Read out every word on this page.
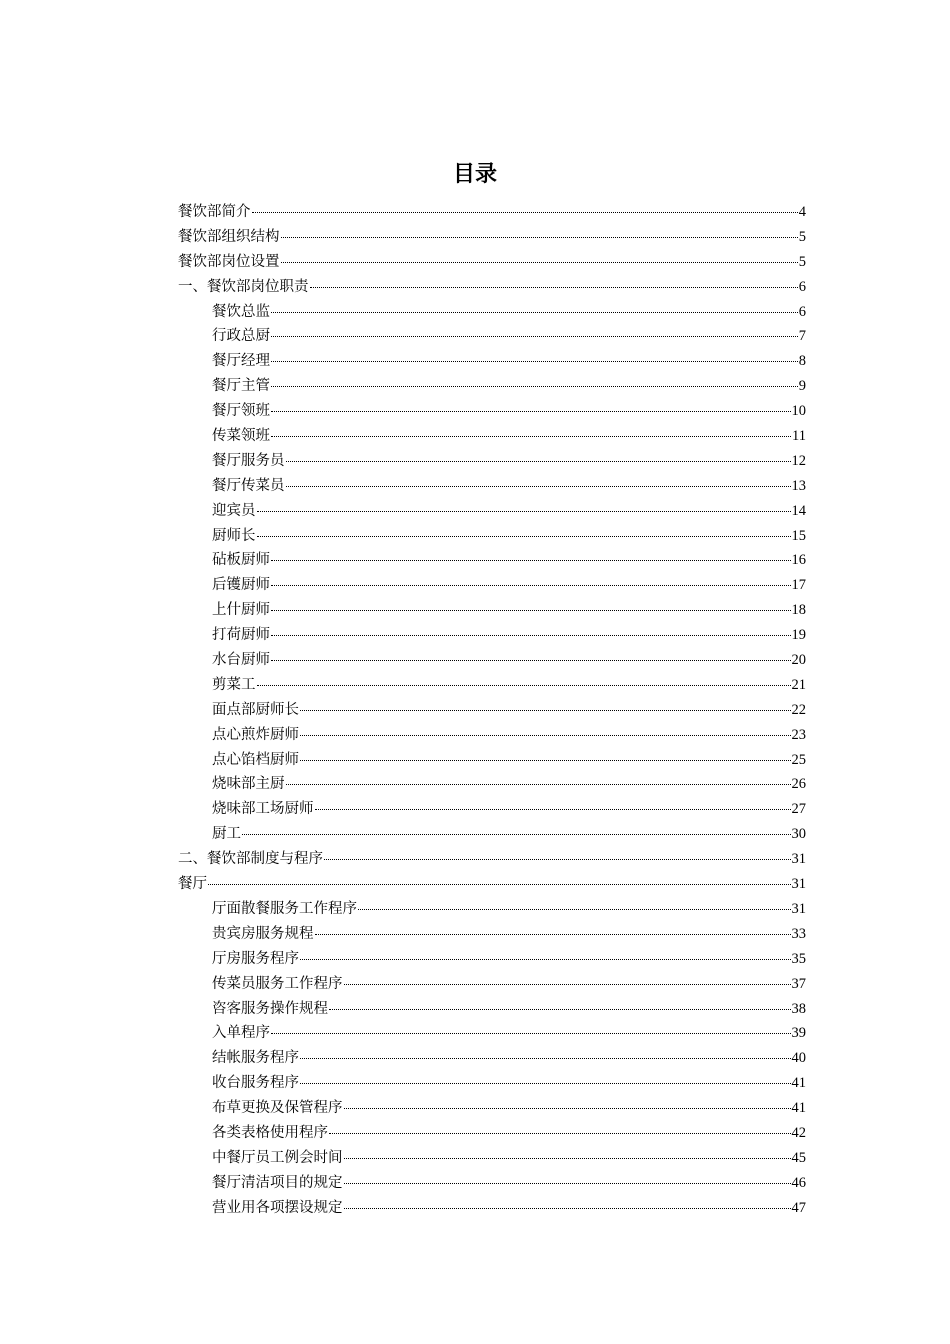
目录
餐饮部简介	4
餐饮部组织结构	5
餐饮部岗位设置	5
一、餐饮部岗位职责	6
餐饮总监	6
行政总厨	7
餐厅经理	8
餐厅主管	9
餐厅领班	10
传菜领班	11
餐厅服务员	12
餐厅传菜员	13
迎宾员	14
厨师长	15
砧板厨师	16
后镬厨师	17
上什厨师	18
打荷厨师	19
水台厨师	20
剪菜工	21
面点部厨师长	22
点心煎炸厨师	23
点心馅档厨师	25
烧味部主厨	26
烧味部工场厨师	27
厨工	30
二、餐饮部制度与程序	31
餐厅	31
厅面散餐服务工作程序	31
贵宾房服务规程	33
厅房服务程序	35
传菜员服务工作程序	37
咨客服务操作规程	38
入单程序	39
结帐服务程序	40
收台服务程序	41
布草更换及保管程序	41
各类表格使用程序	42
中餐厅员工例会时间	45
餐厅清洁项目的规定	46
营业用各项摆设规定	47
